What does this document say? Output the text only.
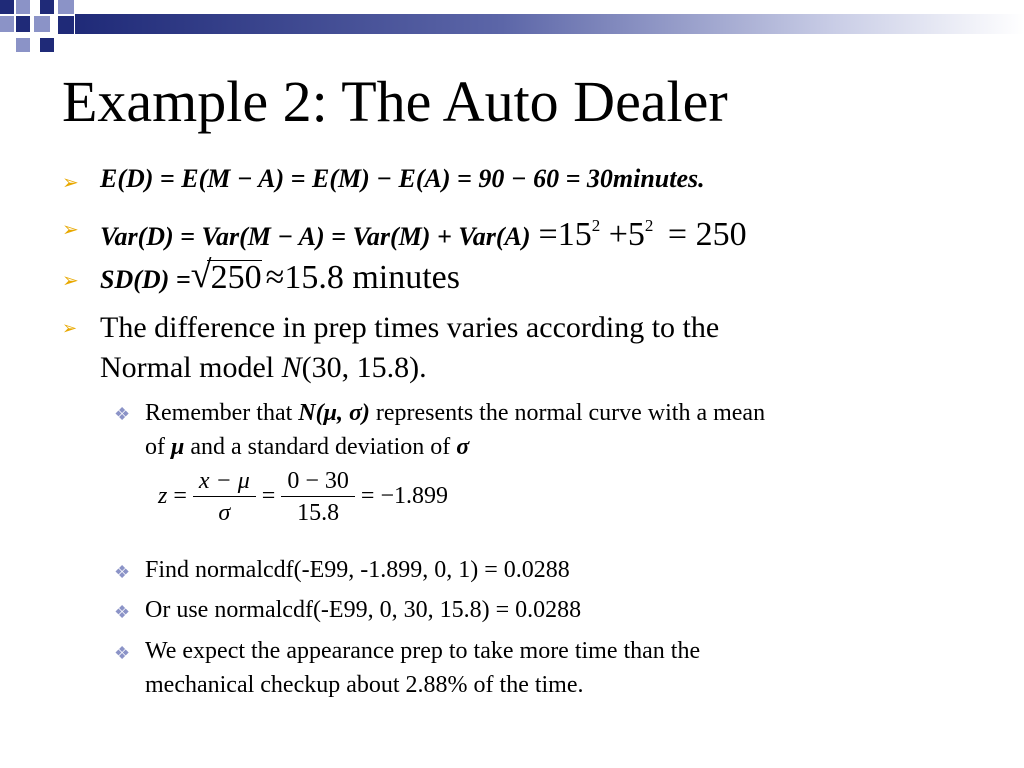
Example 2: The Auto Dealer
➢ E(D) = E(M − A) = E(M) − E(A) = 90 − 60 = 30minutes.
➢ $Var(D) = Var(M - A) = Var(M) + Var(A) =15^2 +5^2 = 250$
➢ SD(D) = √ 250 ≈15.8 minutes
➢ The difference in prep times varies according to the
Normal model N(30, 15.8).
❖ Remember that N(μ, σ) represents the normal curve with a mean
of μ and a standard deviation of σ
$z = \frac{x - \mu}{\sigma} = \frac{0 - 30}{15.8} = -1.899$
❖ Find normalcdf(-E99, -1.899, 0, 1) = 0.0288
❖ Or use normalcdf(-E99, 0, 30, 15.8) = 0.0288
❖ We expect the appearance prep to take more time than the
mechanical checkup about 2.88% of the time.
